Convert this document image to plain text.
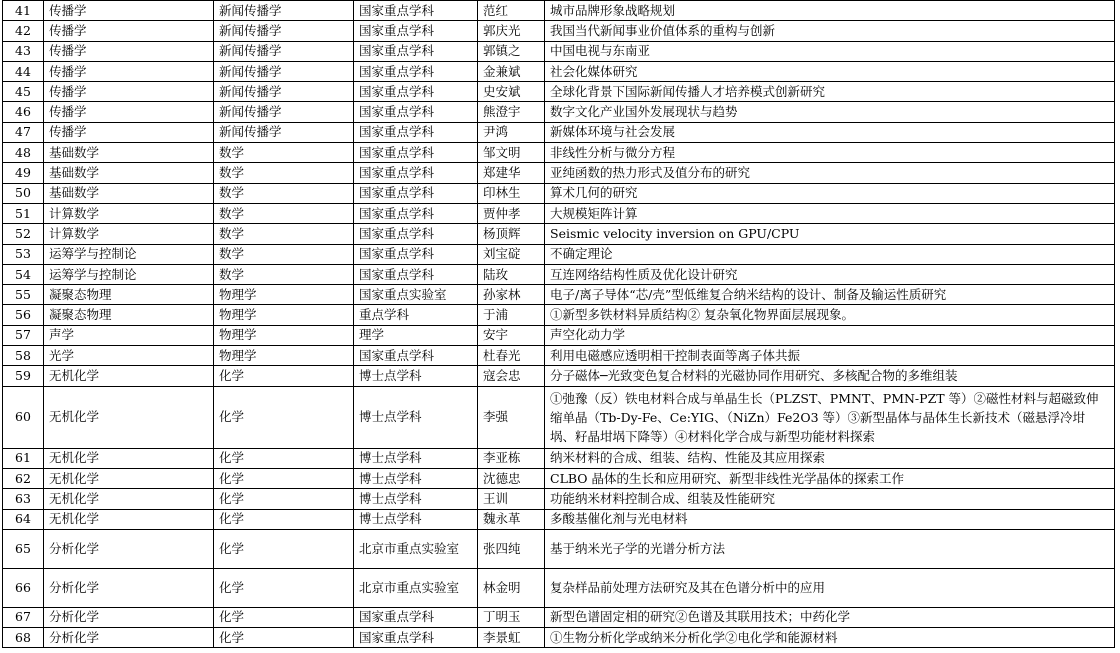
41	传播学	新闻传播学	国家重点学科	范红	城市品牌形象战略规划
42	传播学	新闻传播学	国家重点学科	郭庆光	我国当代新闻事业价值体系的重构与创新
43	传播学	新闻传播学	国家重点学科	郭镇之	中国电视与东南亚
44	传播学	新闻传播学	国家重点学科	金兼斌	社会化媒体研究
45	传播学	新闻传播学	国家重点学科	史安斌	全球化背景下国际新闻传播人才培养模式创新研究
46	传播学	新闻传播学	国家重点学科	熊澄宇	数字文化产业国外发展现状与趋势
47	传播学	新闻传播学	国家重点学科	尹鸿	新媒体环境与社会发展
48	基础数学	数学	国家重点学科	邹文明	非线性分析与微分方程
49	基础数学	数学	国家重点学科	郑建华	亚纯函数的热力形式及值分布的研究
50	基础数学	数学	国家重点学科	印林生	算术几何的研究
51	计算数学	数学	国家重点学科	贾仲孝	大规模矩阵计算
52	计算数学	数学	国家重点学科	杨顶辉	Seismic velocity inversion on GPU/CPU
53	运筹学与控制论	数学	国家重点学科	刘宝碇	不确定理论
54	运筹学与控制论	数学	国家重点学科	陆玫	互连网络结构性质及优化设计研究
55	凝聚态物理	物理学	国家重点实验室	孙家林	电子/离子导体“芯/壳”型低维复合纳米结构的设计、制备及输运性质研究
56	凝聚态物理	物理学	重点学科	于浦	①新型多铁材料异质结构② 复杂氧化物界面层展现象。
57	声学	物理学	理学	安宇	声空化动力学
58	光学	物理学	国家重点学科	杜春光	利用电磁感应透明相干控制表面等离子体共振
59	无机化学	化学	博士点学科	寇会忠	分子磁体─光致变色复合材料的光磁协同作用研究、多核配合物的多维组装
60	无机化学	化学	博士点学科	李强	①弛豫（反）铁电材料合成与单晶生长（PLZST、PMNT、PMN-PZT 等）②磁性材料与超磁致伸缩单晶（Tb-Dy-Fe、Ce:YIG、（NiZn）Fe2O3 等）③新型晶体与晶体生长新技术（磁悬浮冷坩埚、籽晶坩埚下降等）④材料化学合成与新型功能材料探索
61	无机化学	化学	博士点学科	李亚栋	纳米材料的合成、组装、结构、性能及其应用探索
62	无机化学	化学	博士点学科	沈德忠	CLBO 晶体的生长和应用研究、新型非线性光学晶体的探索工作
63	无机化学	化学	博士点学科	王训	功能纳米材料控制合成、组装及性能研究
64	无机化学	化学	博士点学科	魏永革	多酸基催化剂与光电材料
65	分析化学	化学	北京市重点实验室	张四纯	基于纳米光子学的光谱分析方法
66	分析化学	化学	北京市重点实验室	林金明	复杂样品前处理方法研究及其在色谱分析中的应用
67	分析化学	化学	国家重点学科	丁明玉	新型色谱固定相的研究②色谱及其联用技术；中药化学
68	分析化学	化学	国家重点学科	李景虹	①生物分析化学或纳米分析化学②电化学和能源材料
